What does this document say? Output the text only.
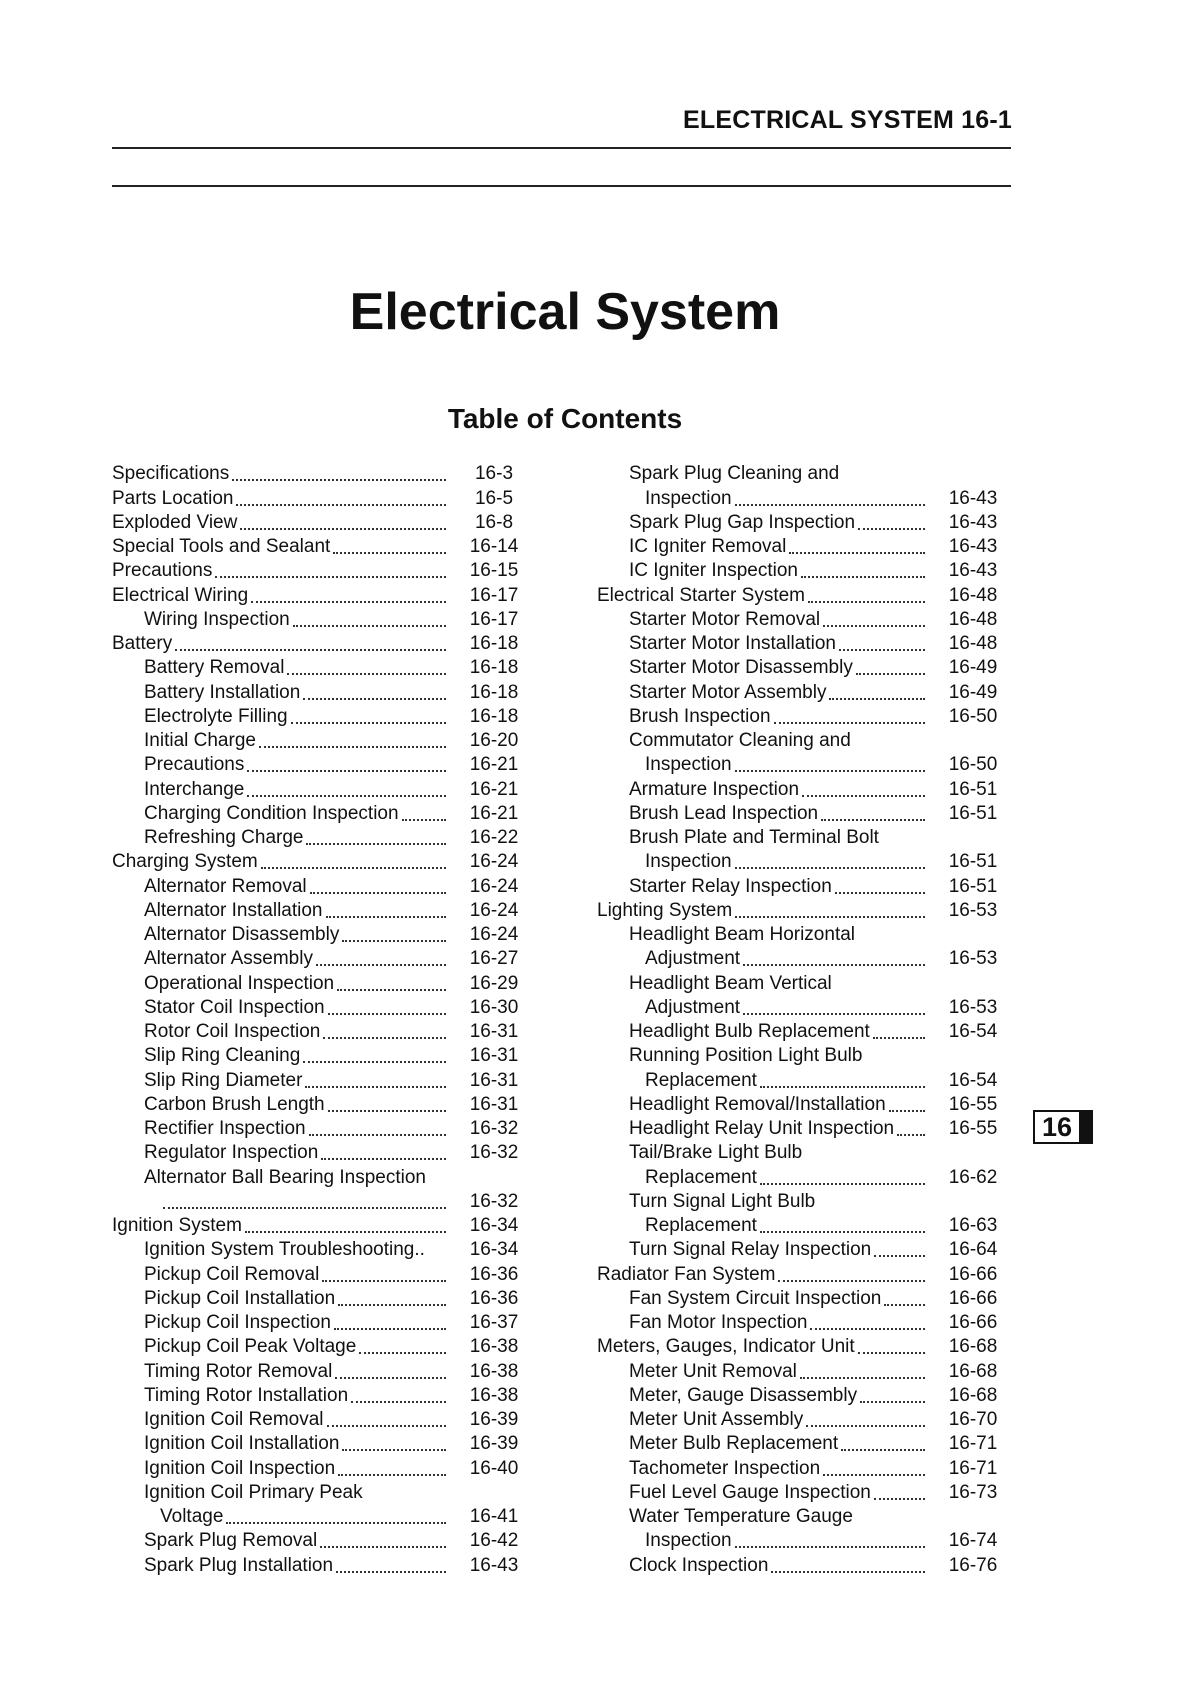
ELECTRICAL SYSTEM 16-1
Electrical System
Table of Contents
Specifications	16-3
Parts Location	16-5
Exploded View	16-8
Special Tools and Sealant	16-14
Precautions	16-15
Electrical Wiring	16-17
Wiring Inspection	16-17
Battery	16-18
Battery Removal	16-18
Battery Installation	16-18
Electrolyte Filling	16-18
Initial Charge	16-20
Precautions	16-21
Interchange	16-21
Charging Condition Inspection	16-21
Refreshing Charge	16-22
Charging System	16-24
Alternator Removal	16-24
Alternator Installation	16-24
Alternator Disassembly	16-24
Alternator Assembly	16-27
Operational Inspection	16-29
Stator Coil Inspection	16-30
Rotor Coil Inspection	16-31
Slip Ring Cleaning	16-31
Slip Ring Diameter	16-31
Carbon Brush Length	16-31
Rectifier Inspection	16-32
Regulator Inspection	16-32
Alternator Ball Bearing Inspection
16-32
Ignition System	16-34
Ignition System Troubleshooting..	16-34
Pickup Coil Removal	16-36
Pickup Coil Installation	16-36
Pickup Coil Inspection	16-37
Pickup Coil Peak Voltage	16-38
Timing Rotor Removal	16-38
Timing Rotor Installation	16-38
Ignition Coil Removal	16-39
Ignition Coil Installation	16-39
Ignition Coil Inspection	16-40
Ignition Coil Primary Peak
Voltage	16-41
Spark Plug Removal	16-42
Spark Plug Installation	16-43
Spark Plug Cleaning and
Inspection	16-43
Spark Plug Gap Inspection	16-43
IC Igniter Removal	16-43
IC Igniter Inspection	16-43
Electrical Starter System	16-48
Starter Motor Removal	16-48
Starter Motor Installation	16-48
Starter Motor Disassembly	16-49
Starter Motor Assembly	16-49
Brush Inspection	16-50
Commutator Cleaning and
Inspection	16-50
Armature Inspection	16-51
Brush Lead Inspection	16-51
Brush Plate and Terminal Bolt
Inspection	16-51
Starter Relay Inspection	16-51
Lighting System	16-53
Headlight Beam Horizontal
Adjustment	16-53
Headlight Beam Vertical
Adjustment	16-53
Headlight Bulb Replacement	16-54
Running Position Light Bulb
Replacement	16-54
Headlight Removal/Installation	16-55
Headlight Relay Unit Inspection	16-55
Tail/Brake Light Bulb
Replacement	16-62
Turn Signal Light Bulb
Replacement	16-63
Turn Signal Relay Inspection	16-64
Radiator Fan System	16-66
Fan System Circuit Inspection	16-66
Fan Motor Inspection	16-66
Meters, Gauges, Indicator Unit	16-68
Meter Unit Removal	16-68
Meter, Gauge Disassembly	16-68
Meter Unit Assembly	16-70
Meter Bulb Replacement	16-71
Tachometer Inspection	16-71
Fuel Level Gauge Inspection	16-73
Water Temperature Gauge
Inspection	16-74
Clock Inspection	16-76
16
